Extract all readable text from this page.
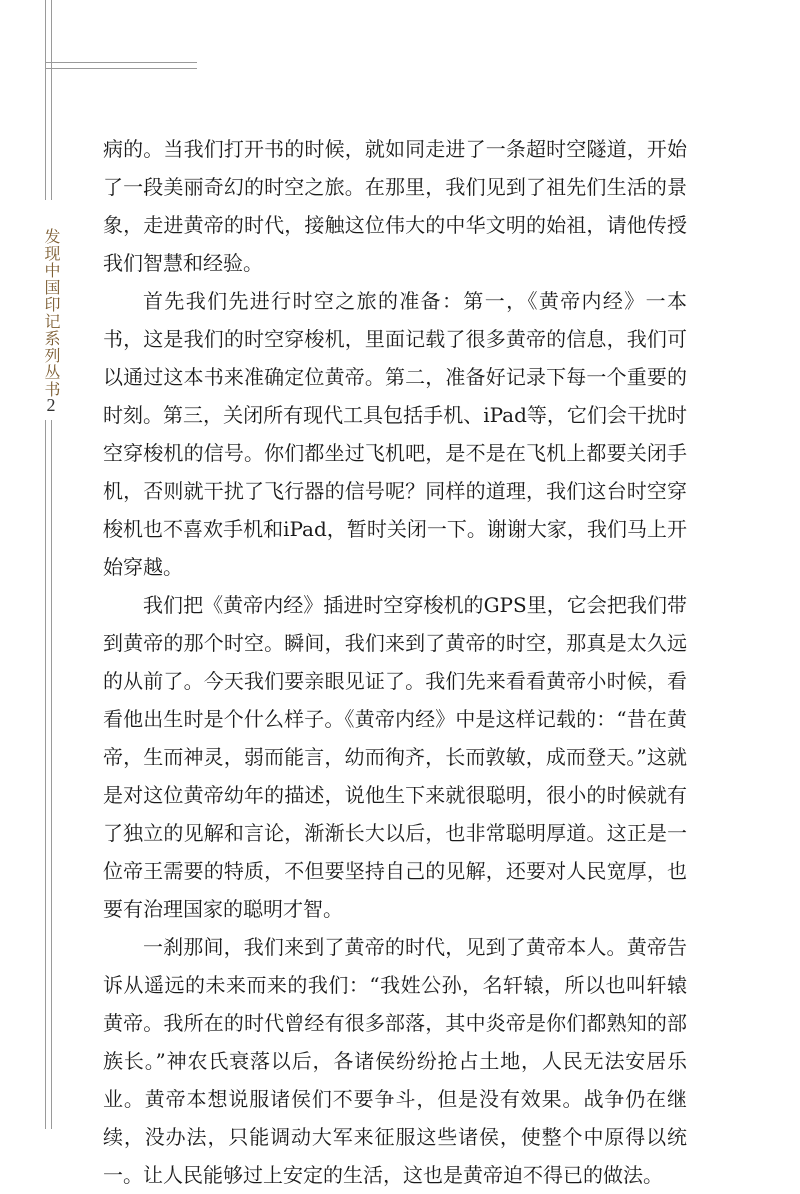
发现中国印记系列丛书
2

病的。当我们打开书的时候，就如同走进了一条超时空隧道，开始了一段美丽奇幻的时空之旅。在那里，我们见到了祖先们生活的景象，走进黄帝的时代，接触这位伟大的中华文明的始祖，请他传授我们智慧和经验。

首先我们先进行时空之旅的准备：第一，《黄帝内经》一本书，这是我们的时空穿梭机，里面记载了很多黄帝的信息，我们可以通过这本书来准确定位黄帝。第二，准备好记录下每一个重要的时刻。第三，关闭所有现代工具包括手机、iPad等，它们会干扰时空穿梭机的信号。你们都坐过飞机吧，是不是在飞机上都要关闭手机，否则就干扰了飞行器的信号呢？同样的道理，我们这台时空穿梭机也不喜欢手机和iPad，暂时关闭一下。谢谢大家，我们马上开始穿越。

我们把《黄帝内经》插进时空穿梭机的GPS里，它会把我们带到黄帝的那个时空。瞬间，我们来到了黄帝的时空，那真是太久远的从前了。今天我们要亲眼见证了。我们先来看看黄帝小时候，看看他出生时是个什么样子。《黄帝内经》中是这样记载的：“昔在黄帝，生而神灵，弱而能言，幼而徇齐，长而敦敏，成而登天。”这就是对这位黄帝幼年的描述，说他生下来就很聪明，很小的时候就有了独立的见解和言论，渐渐长大以后，也非常聪明厚道。这正是一位帝王需要的特质，不但要坚持自己的见解，还要对人民宽厚，也要有治理国家的聪明才智。

一刹那间，我们来到了黄帝的时代，见到了黄帝本人。黄帝告诉从遥远的未来而来的我们：“我姓公孙，名轩辕，所以也叫轩辕黄帝。我所在的时代曾经有很多部落，其中炎帝是你们都熟知的部族长。”神农氏衰落以后，各诸侯纷纷抢占土地，人民无法安居乐业。黄帝本想说服诸侯们不要争斗，但是没有效果。战争仍在继续，没办法，只能调动大军来征服这些诸侯，使整个中原得以统一。让人民能够过上安定的生活，这也是黄帝迫不得已的做法。
